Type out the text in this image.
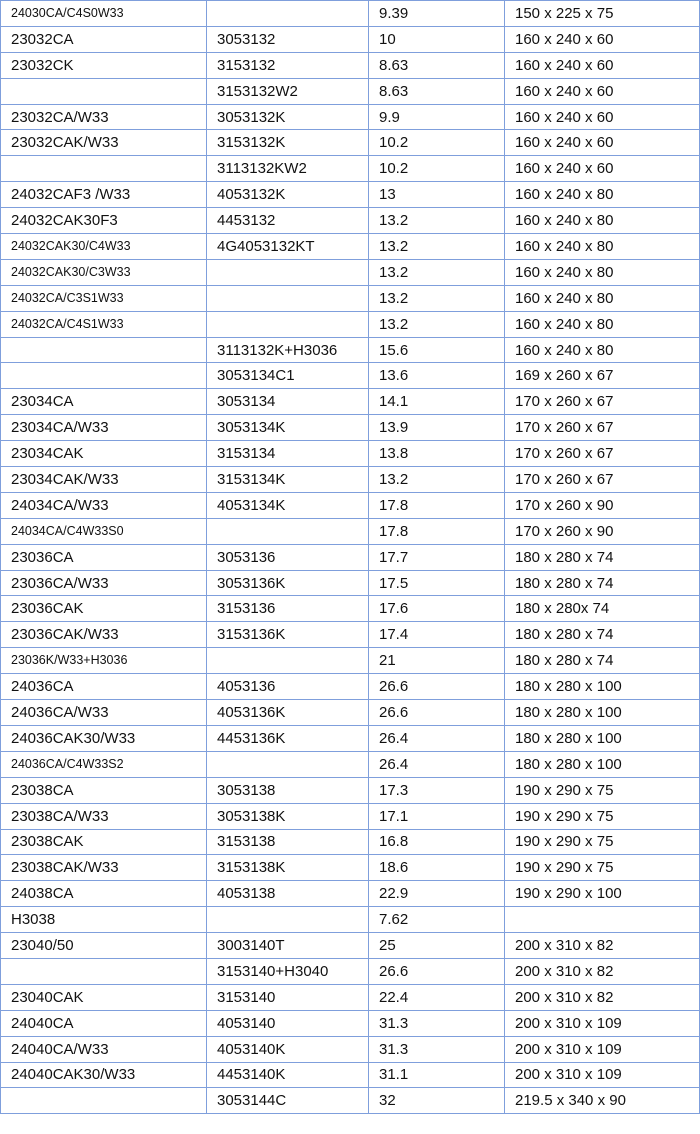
24030CA/C4S0W33		9.39	150 x 225 x 75
23032CA	3053132	10	160 x 240 x 60
23032CK	3153132	8.63	160 x 240 x 60
	3153132W2	8.63	160 x 240 x 60
23032CA/W33	3053132K	9.9	160 x 240 x 60
23032CAK/W33	3153132K	10.2	160 x 240 x 60
	3113132KW2	10.2	160 x 240 x 60
24032CAF3 /W33	4053132K	13	160 x 240 x 80
24032CAK30F3	4453132	13.2	160 x 240 x 80
24032CAK30/C4W33	4G4053132KT	13.2	160 x 240 x 80
24032CAK30/C3W33		13.2	160 x 240 x 80
24032CA/C3S1W33		13.2	160 x 240 x 80
24032CA/C4S1W33		13.2	160 x 240 x 80
	3113132K+H3036	15.6	160 x 240 x 80
	3053134C1	13.6	169 x 260 x 67
23034CA	3053134	14.1	170 x 260 x 67
23034CA/W33	3053134K	13.9	170 x 260 x 67
23034CAK	3153134	13.8	170 x 260 x 67
23034CAK/W33	3153134K	13.2	170 x 260 x 67
24034CA/W33	4053134K	17.8	170 x 260 x 90
24034CA/C4W33S0		17.8	170 x 260 x 90
23036CA	3053136	17.7	180 x 280 x 74
23036CA/W33	3053136K	17.5	180 x 280 x 74
23036CAK	3153136	17.6	180 x 280x 74
23036CAK/W33	3153136K	17.4	180 x 280 x 74
23036K/W33+H3036		21	180 x 280 x 74
24036CA	4053136	26.6	180 x 280 x 100
24036CA/W33	4053136K	26.6	180 x 280 x 100
24036CAK30/W33	4453136K	26.4	180 x 280 x 100
24036CA/C4W33S2		26.4	180 x 280 x 100
23038CA	3053138	17.3	190 x 290 x 75
23038CA/W33	3053138K	17.1	190 x 290 x 75
23038CAK	3153138	16.8	190 x 290 x 75
23038CAK/W33	3153138K	18.6	190 x 290 x 75
24038CA	4053138	22.9	190 x 290 x 100
H3038		7.62	
23040/50	3003140T	25	200 x 310 x 82
	3153140+H3040	26.6	200 x 310 x 82
23040CAK	3153140	22.4	200 x 310 x 82
24040CA	4053140	31.3	200 x 310 x 109
24040CA/W33	4053140K	31.3	200 x 310 x 109
24040CAK30/W33	4453140K	31.1	200 x 310 x 109
	3053144C	32	219.5 x 340 x 90
